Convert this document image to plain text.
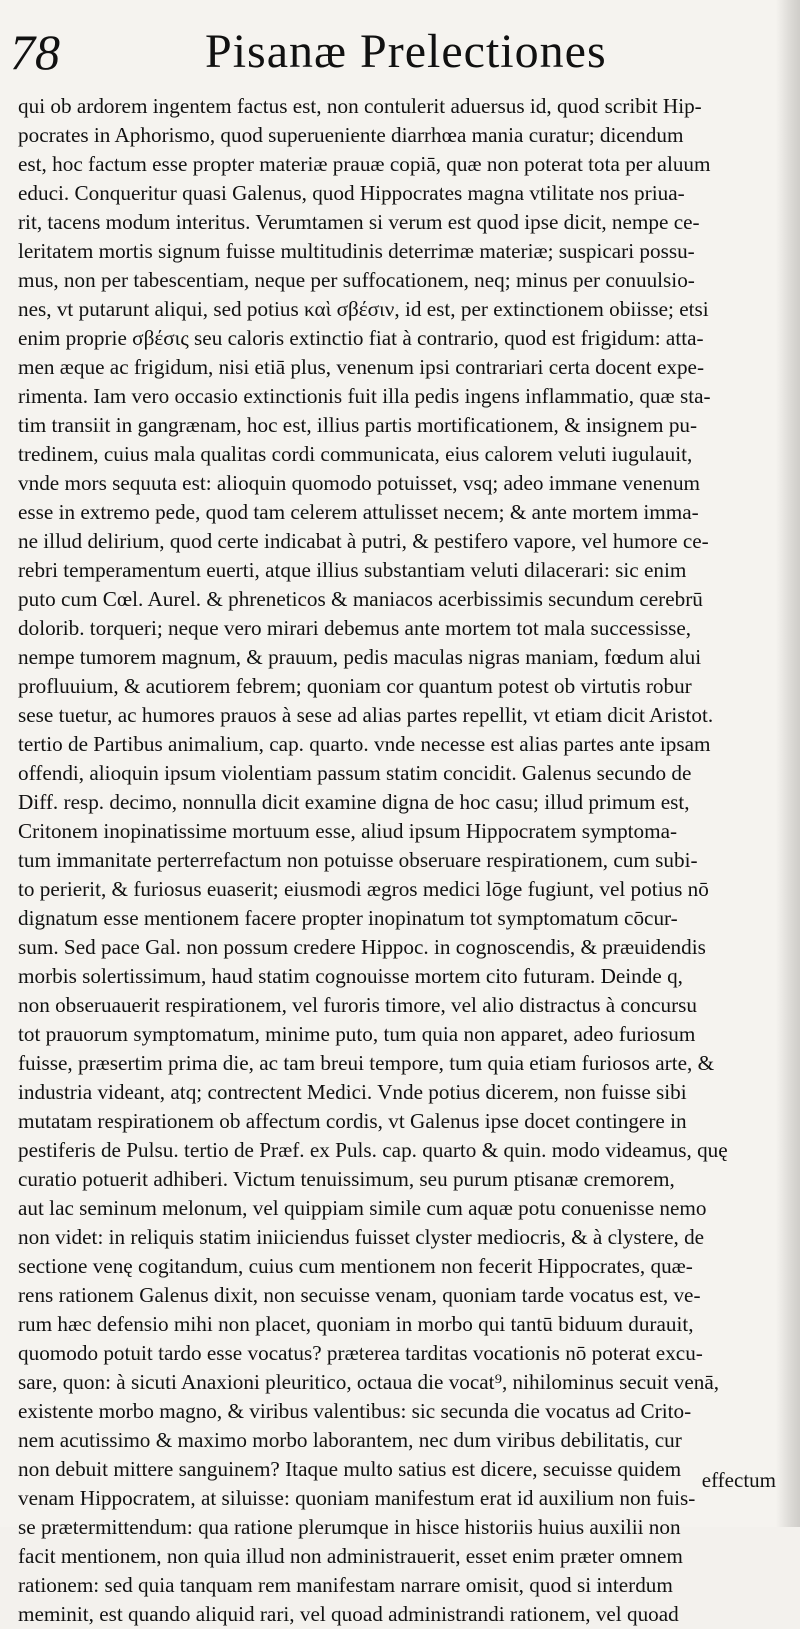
78	Pisanæ Prelectiones
qui ob ardorem ingentem factus est, non contulerit aduersus id, quod scribit Hip-
pocrates in Aphorismo, quod superueniente diarrhœa mania curatur; dicendum
est, hoc factum esse propter materiæ prauæ copiā, quæ non poterat tota per aluum
educi. Conqueritur quasi Galenus, quod Hippocrates magna vtilitate nos priua-
rit, tacens modum interitus. Verumtamen si verum est quod ipse dicit, nempe ce-
leritatem mortis signum fuisse multitudinis deterrimæ materiæ; suspicari possu-
mus, non per tabescentiam, neque per suffocationem, neq; minus per conuulsio-
nes, vt putarunt aliqui, sed potius καὶ σβέσιν, id est, per extinctionem obiisse; etsi
enim proprie σβέσις seu caloris extinctio fiat à contrario, quod est frigidum: atta-
men æque ac frigidum, nisi etiā plus, venenum ipsi contrariari certa docent expe-
rimenta. Iam vero occasio extinctionis fuit illa pedis ingens inflammatio, quæ sta-
tim transiit in gangrænam, hoc est, illius partis mortificationem, & insignem pu-
tredinem, cuius mala qualitas cordi communicata, eius calorem veluti iugulauit,
vnde mors sequuta est: alioquin quomodo potuisset, vsq; adeo immane venenum
esse in extremo pede, quod tam celerem attulisset necem; & ante mortem imma-
ne illud delirium, quod certe indicabat à putri, & pestifero vapore, vel humore ce-
rebri temperamentum euerti, atque illius substantiam veluti dilacerari: sic enim
puto cum Cœl. Aurel. & phreneticos & maniacos acerbissimis secundum cerebrū
dolorib. torqueri; neque vero mirari debemus ante mortem tot mala successisse,
nempe tumorem magnum, & prauum, pedis maculas nigras maniam, fœdum alui
profluuium, & acutiorem febrem; quoniam cor quantum potest ob virtutis robur
sese tuetur, ac humores prauos à sese ad alias partes repellit, vt etiam dicit Aristot.
tertio de Partibus animalium, cap. quarto. vnde necesse est alias partes ante ipsam
offendi, alioquin ipsum violentiam passum statim concidit. Galenus secundo de
Diff. resp. decimo, nonnulla dicit examine digna de hoc casu; illud primum est,
Critonem inopinatissime mortuum esse, aliud ipsum Hippocratem symptoma-
tum immanitate perterrefactum non potuisse obseruare respirationem, cum subi-
to perierit, & furiosus euaserit; eiusmodi ægros medici lōge fugiunt, vel potius nō
dignatum esse mentionem facere propter inopinatum tot symptomatum cōcur-
sum. Sed pace Gal. non possum credere Hippoc. in cognoscendis, & præuidendis
morbis solertissimum, haud statim cognouisse mortem cito futuram. Deinde q,
non obseruauerit respirationem, vel furoris timore, vel alio distractus à concursu
tot prauorum symptomatum, minime puto, tum quia non apparet, adeo furiosum
fuisse, præsertim prima die, ac tam breui tempore, tum quia etiam furiosos arte, &
industria videant, atq; contrectent Medici. Vnde potius dicerem, non fuisse sibi
mutatam respirationem ob affectum cordis, vt Galenus ipse docet contingere in
pestiferis de Pulsu. tertio de Præf. ex Puls. cap. quarto & quin. modo videamus, quę
curatio potuerit adhiberi. Victum tenuissimum, seu purum ptisanæ cremorem,
aut lac seminum melonum, vel quippiam simile cum aquæ potu conuenisse nemo
non videt: in reliquis statim iniiciendus fuisset clyster mediocris, & à clystere, de
sectione venę cogitandum, cuius cum mentionem non fecerit Hippocrates, quæ-
rens rationem Galenus dixit, non secuisse venam, quoniam tarde vocatus est, ve-
rum hæc defensio mihi non placet, quoniam in morbo qui tantū biduum durauit,
quomodo potuit tardo esse vocatus? præterea tarditas vocationis nō poterat excu-
sare, quon: à sicuti Anaxioni pleuritico, octaua die vocat⁹, nihilominus secuit venā,
existente morbo magno, & viribus valentibus: sic secunda die vocatus ad Crito-
nem acutissimo & maximo morbo laborantem, nec dum viribus debilitatis, cur
non debuit mittere sanguinem? Itaque multo satius est dicere, secuisse quidem
venam Hippocratem, at siluisse: quoniam manifestum erat id auxilium non fuis-
se prætermittendum: qua ratione plerumque in hisce historiis huius auxilii non
facit mentionem, non quia illud non administrauerit, esset enim præter omnem
rationem: sed quia tanquam rem manifestam narrare omisit, quod si interdum
meminit, est quando aliquid rari, vel quoad administrandi rationem, vel quoad
effectum
